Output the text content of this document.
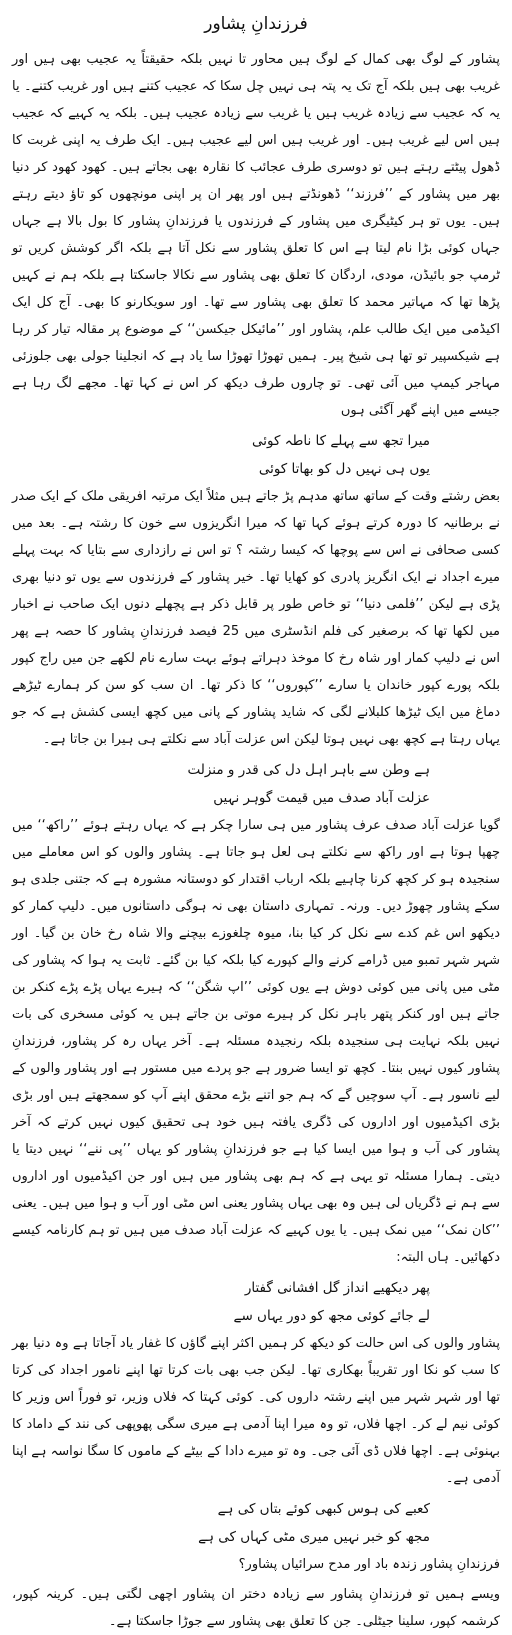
فرزندانِ پشاور

پشاور کے لوگ بھی کمال کے لوگ ہیں محاور تا نہیں بلکہ حقیقتاً یہ عجیب بھی ہیں اور غریب بھی ہیں بلکہ آج تک یہ پتہ ہی نہیں چل سکا کہ عجیب کتنے ہیں اور غریب کتنے۔ یا یہ کہ عجیب سے زیادہ غریب ہیں یا غریب سے زیادہ عجیب ہیں۔ بلکہ یہ کہیے کہ عجیب ہیں اس لیے غریب ہیں۔ اور غریب ہیں اس لیے عجیب ہیں۔ ایک طرف یہ اپنی غربت کا ڈھول پیٹتے رہتے ہیں تو دوسری طرف عجائب کا نقارہ بھی بجاتے ہیں۔ کھود کھود کر دنیا بھر میں پشاور کے ’’فرزند‘‘ ڈھونڈتے ہیں اور پھر ان پر اپنی مونچھوں کو تاؤ دیتے رہتے ہیں۔ یوں تو ہر کیٹیگری میں پشاور کے فرزندوں یا فرزندانِ پشاور کا بول بالا ہے جہاں جہاں کوئی بڑا نام لیتا ہے اس کا تعلق پشاور سے نکل آتا ہے بلکہ اگر کوشش کریں تو ٹرمپ جو بائیڈن، مودی، اردگان کا تعلق بھی پشاور سے نکالا جاسکتا ہے بلکہ ہم نے کہیں پڑھا تھا کہ مہاتیر محمد کا تعلق بھی پشاور سے تھا۔ اور سویکارنو کا بھی۔ آج کل ایک اکیڈمی میں ایک طالب علم، پشاور اور ’’مائیکل جیکسن‘‘ کے موضوع پر مقالہ تیار کر رہا ہے شیکسپیر تو تھا ہی شیخ پیر۔ ہمیں تھوڑا تھوڑا سا یاد ہے کہ انجلینا جولی بھی جلوزئی مہاجر کیمپ میں آئی تھی۔ تو چاروں طرف دیکھ کر اس نے کہا تھا۔ مجھے لگ رہا ہے جیسے میں اپنے گھر آگئی ہوں

میرا تجھ سے پہلے کا ناطہ کوئی

یوں ہی نہیں دل کو بھاتا کوئی

بعض رشتے وقت کے ساتھ ساتھ مدہم پڑ جاتے ہیں مثلاً ایک مرتبہ افریقی ملک کے ایک صدر نے برطانیہ کا دورہ کرتے ہوئے کہا تھا کہ میرا انگریزوں سے خون کا رشتہ ہے۔ بعد میں کسی صحافی نے اس سے پوچھا کہ کیسا رشتہ ؟ تو اس نے رازداری سے بتایا کہ بہت پہلے میرے اجداد نے ایک انگریز پادری کو کھایا تھا۔ خیر پشاور کے فرزندوں سے یوں تو دنیا بھری پڑی ہے لیکن ’’فلمی دنیا‘‘ تو خاص طور پر قابل ذکر ہے پچھلے دنوں ایک صاحب نے اخبار میں لکھا تھا کہ برصغیر کی فلم انڈسٹری میں 25 فیصد فرزندانِ پشاور کا حصہ ہے پھر اس نے دلیپ کمار اور شاہ رخ کا موخذ دہراتے ہوئے بہت سارے نام لکھے جن میں راج کپور بلکہ پورے کپور خاندان یا سارے ’’کپوروں‘‘ کا ذکر تھا۔ ان سب کو سن کر ہمارے ٹیڑھے دماغ میں ایک ٹیڑھا کلبلانے لگی کہ شاید پشاور کے پانی میں کچھ ایسی کشش ہے کہ جو یہاں رہتا ہے کچھ بھی نہیں ہوتا لیکن اس عزلت آباد سے نکلتے ہی ہیرا بن جاتا ہے۔

ہے وطن سے باہر اہل دل کی قدر و منزلت

عزلت آباد صدف میں قیمت گوہر نہیں

گویا عزلت آباد صدف عرف پشاور میں ہی سارا چکر ہے کہ یہاں رہتے ہوئے ’’راکھ‘‘ میں چھپا ہوتا ہے اور راکھ سے نکلتے ہی لعل ہو جاتا ہے۔ پشاور والوں کو اس معاملے میں سنجیدہ ہو کر کچھ کرنا چاہیے بلکہ ارباب اقتدار کو دوستانہ مشورہ ہے کہ جتنی جلدی ہو سکے پشاور چھوڑ دیں۔ ورنہ۔ تمہاری داستان بھی نہ ہوگی داستانوں میں۔ دلیپ کمار کو دیکھو اس غم کدے سے نکل کر کیا بنا، میوہ چلغوزے بیچنے والا شاہ رخ خان بن گیا۔ اور شہر شہر تمبو میں ڈرامے کرنے والے کپورے کیا بلکہ کیا بن گئے۔ ثابت یہ ہوا کہ پشاور کی مٹی میں پانی میں کوئی دوش ہے یوں کوئی ’’اپ شگن‘‘ کہ ہیرے یہاں پڑے پڑے کنکر بن جاتے ہیں اور کنکر پتھر باہر نکل کر ہیرے موتی بن جاتے ہیں یہ کوئی مسخری کی بات نہیں بلکہ نہایت ہی سنجیدہ بلکہ رنجیدہ مسئلہ ہے۔ آخر یہاں رہ کر پشاور، فرزندانِ پشاور کیوں نہیں بنتا۔ کچھ تو ایسا ضرور ہے جو پردے میں مستور ہے اور پشاور والوں کے لیے ناسور ہے۔ آپ سوچیں گے کہ ہم جو اتنے بڑے محقق اپنے آپ کو سمجھتے ہیں اور بڑی بڑی اکیڈمیوں اور اداروں کی ڈگری یافتہ ہیں خود ہی تحقیق کیوں نہیں کرتے کہ آخر پشاور کی آب و ہوا میں ایسا کیا ہے جو فرزندانِ پشاور کو یہاں ’’پی ننے‘‘ نہیں دیتا یا دیتی۔ ہمارا مسئلہ تو یہی ہے کہ ہم بھی پشاور میں ہیں اور جن اکیڈمیوں اور اداروں سے ہم نے ڈگریاں لی ہیں وہ بھی یہاں پشاور یعنی اس مٹی اور آب و ہوا میں ہیں۔ یعنی ’’کان نمک‘‘ میں نمک ہیں۔ یا یوں کہیے کہ عزلت آباد صدف میں ہیں تو ہم کارنامہ کیسے دکھائیں۔ ہاں البتہ:

پھر دیکھیے انداز گل افشانی گفتار

لے جائے کوئی مجھ کو دور یہاں سے

پشاور والوں کی اس حالت کو دیکھ کر ہمیں اکثر اپنے گاؤں کا غفار یاد آجاتا ہے وہ دنیا بھر کا سب کو نکا اور تقریباً بھکاری تھا۔ لیکن جب بھی بات کرتا تھا اپنے نامور اجداد کی کرتا تھا اور شہر شہر میں اپنے رشتہ داروں کی۔ کوئی کہتا کہ فلاں وزیر، تو فوراً اس وزیر کا کوئی نیم لے کر۔ اچھا فلاں، تو وہ میرا اپنا آدمی ہے میری سگی پھوپھی کی نند کے داماد کا بہنوئی ہے۔ اچھا فلاں ڈی آئی جی۔ وہ تو میرے دادا کے بیٹے کے ماموں کا سگا نواسہ ہے اپنا آدمی ہے۔

کعبے کی ہوس کبھی کوئے بتاں کی ہے

مجھ کو خبر نہیں میری مٹی کہاں کی ہے

فرزندانِ پشاور زندہ باد اور مدح سرائیاں پشاور؟

ویسے ہمیں تو فرزندانِ پشاور سے زیادہ دختر ان پشاور اچھی لگتی ہیں۔ کرینہ کپور، کرشمہ کپور، سلینا جیٹلی۔ جن کا تعلق بھی پشاور سے جوڑا جاسکتا ہے۔
